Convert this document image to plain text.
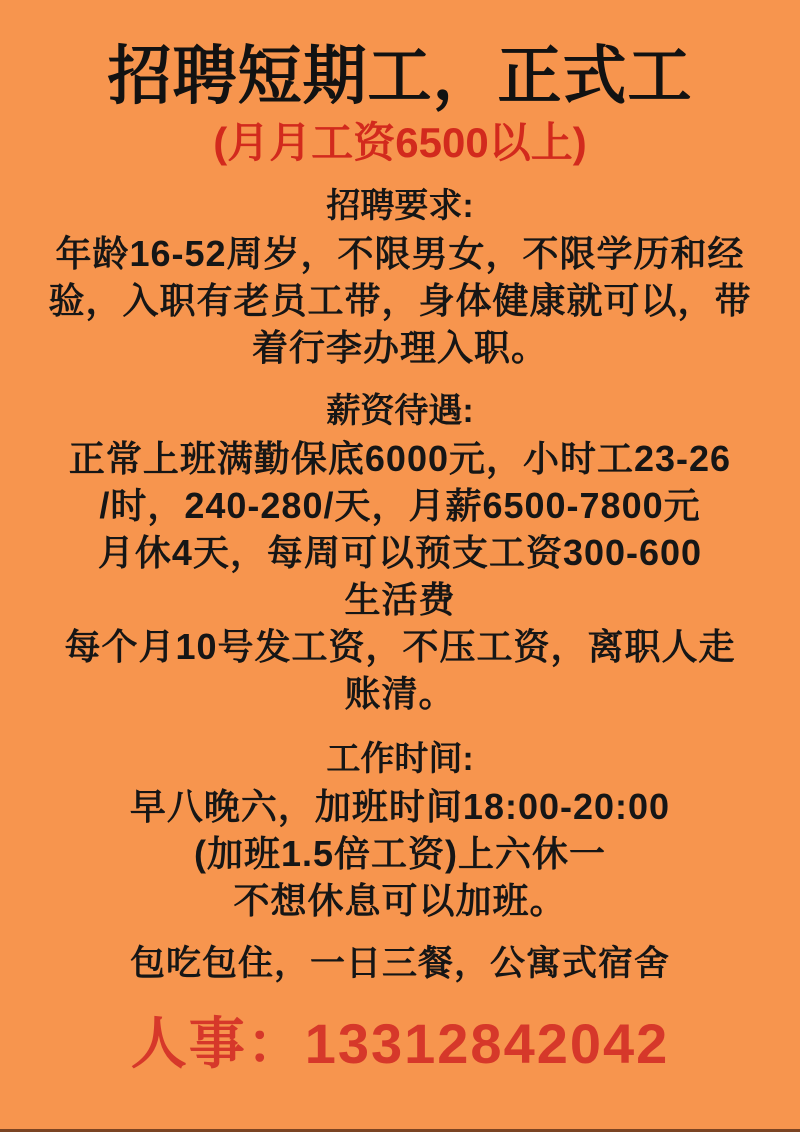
招聘短期工，正式工
(月月工资6500以上)
招聘要求:
年龄16-52周岁，不限男女，不限学历和经
验，入职有老员工带，身体健康就可以，带
着行李办理入职。
薪资待遇:
正常上班满勤保底6000元，小时工23-26
/时，240-280/天，月薪6500-7800元
月休4天，每周可以预支工资300-600
生活费
每个月10号发工资，不压工资，离职人走
账清。
工作时间:
早八晚六，加班时间18:00-20:00
(加班1.5倍工资)上六休一
不想休息可以加班。
包吃包住，一日三餐，公寓式宿舍
人事：13312842042
